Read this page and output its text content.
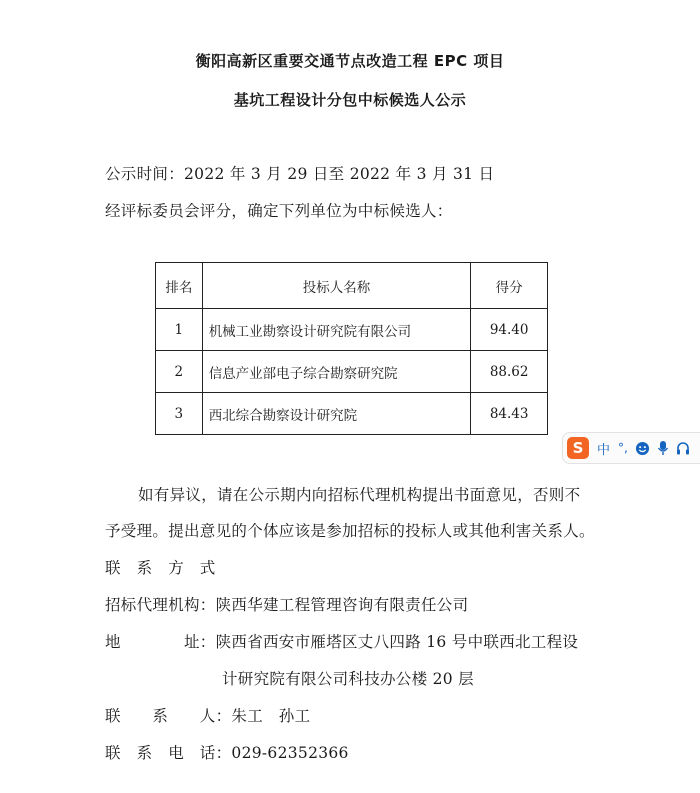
衡阳高新区重要交通节点改造工程 EPC 项目
基坑工程设计分包中标候选人公示
公示时间：2022 年 3 月 29 日至 2022 年 3 月 31 日
经评标委员会评分，确定下列单位为中标候选人：
排名	投标人名称	得分
1	机械工业勘察设计研究院有限公司	94.40
2	信息产业部电子综合勘察研究院	88.62
3	西北综合勘察设计研究院	84.43
S	中 °,
如有异议，请在公示期内向招标代理机构提出书面意见，否则不
予受理。提出意见的个体应该是参加招标的投标人或其他利害关系人。
联　系　方　式
招标代理机构：陕西华建工程管理咨询有限责任公司
地　　　　址：陕西省西安市雁塔区丈八四路 16 号中联西北工程设
计研究院有限公司科技办公楼 20 层
联　　系　　人：朱工　孙工
联　系　电　话：029-62352366
